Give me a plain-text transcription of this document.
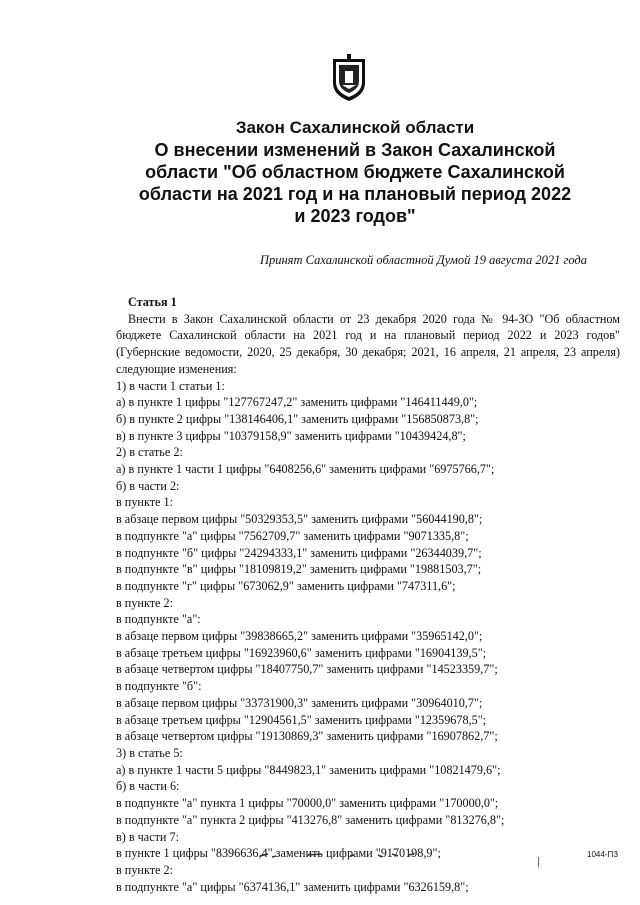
Закон Сахалинской области
О внесении изменений в Закон Сахалинской
области "Об областном бюджете Сахалинской
области на 2021 год и на плановый период 2022
и 2023 годов"
Принят Сахалинской областной Думой 19 августа 2021 года
Статья 1
Внести в Закон Сахалинской области от 23 декабря 2020 года № 94-ЗО "Об областном бюджете Сахалинской области на 2021 год и на плановый период 2022 и 2023 годов" (Губернские ведомости, 2020, 25 декабря, 30 декабря; 2021, 16 апреля, 21 апреля, 23 апреля) следующие изменения:
1) в части 1 статьи 1:
а) в пункте 1 цифры "127767247,2" заменить цифрами "146411449,0";
б) в пункте 2 цифры "138146406,1" заменить цифрами "156850873,8";
в) в пункте 3 цифры "10379158,9" заменить цифрами "10439424,8";
2) в статье 2:
а) в пункте 1 части 1 цифры "6408256,6" заменить цифрами "6975766,7";
б) в части 2:
в пункте 1:
в абзаце первом цифры "50329353,5" заменить цифрами "56044190,8";
в подпункте "а" цифры "7562709,7" заменить цифрами "9071335,8";
в подпункте "б" цифры "24294333,1" заменить цифрами "26344039,7";
в подпункте "в" цифры "18109819,2" заменить цифрами "19881503,7";
в подпункте "г" цифры "673062,9" заменить цифрами "747311,6";
в пункте 2:
в подпункте "а":
в абзаце первом цифры "39838665,2" заменить цифрами "35965142,0";
в абзаце третьем цифры "16923960,6" заменить цифрами "16904139,5";
в абзаце четвертом цифры "18407750,7" заменить цифрами "14523359,7";
в подпункте "б":
в абзаце первом цифры "33731900,3" заменить цифрами "30964010,7";
в абзаце третьем цифры "12904561,5" заменить цифрами "12359678,5";
в абзаце четвертом цифры "19130869,3" заменить цифрами "16907862,7";
3) в статье 5:
а) в пункте 1 части 5 цифры "8449823,1" заменить цифрами "10821479,6";
б) в части 6:
в подпункте "а" пункта 1 цифры "70000,0" заменить цифрами "170000,0";
в подпункте "а" пункта 2 цифры "413276,8" заменить цифрами "813276,8";
в) в части 7:
в пункте 1 цифры "8396636,4" заменить цифрами "9170198,9";
в пункте 2:
в подпункте "а" цифры "6374136,1" заменить цифрами "6326159,8";
1044-ПЗ
